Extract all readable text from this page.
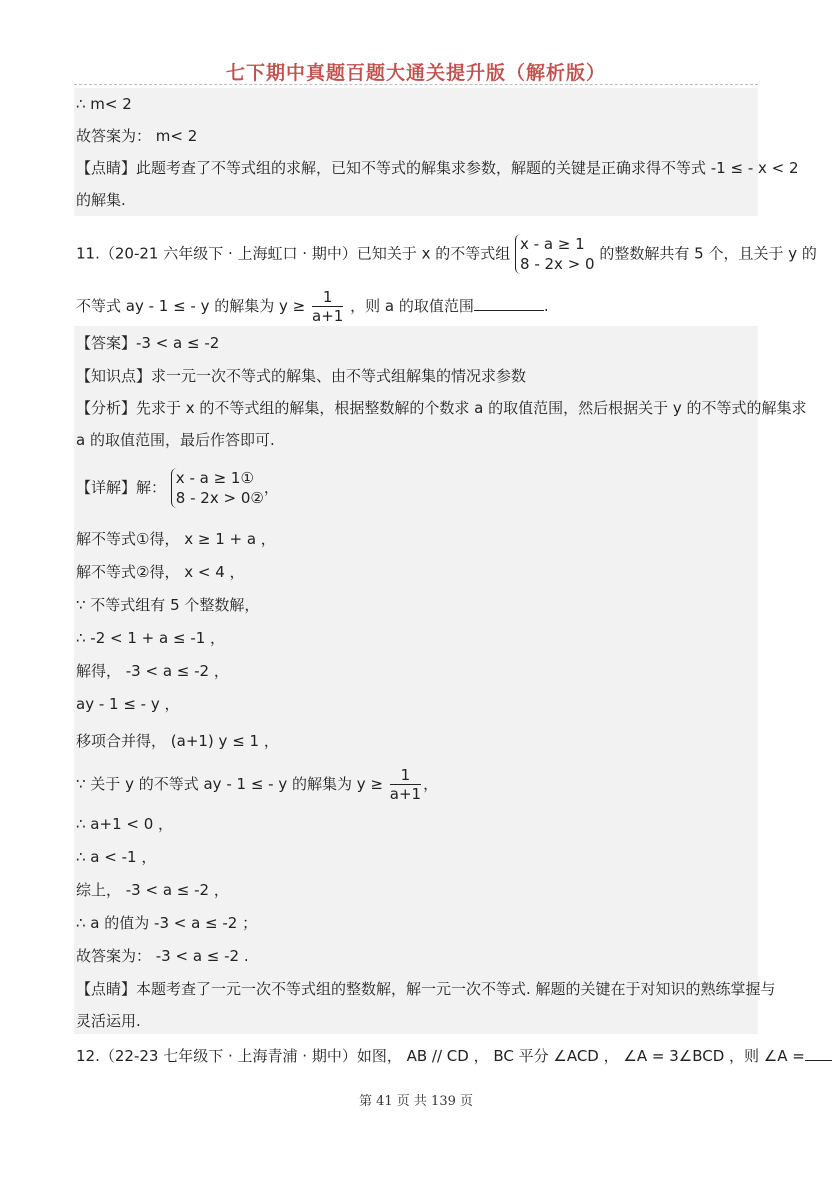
七下期中真题百题大通关提升版（解析版）
∴ m< 2
故答案为： m< 2
【点睛】此题考查了不等式组的求解，已知不等式的解集求参数，解题的关键是正确求得不等式 -1 ≤ - x < 2
的解集.
11.（20-21 六年级下 · 上海虹口 · 期中）已知关于 x 的不等式组
x - a ≥ 1
8 - 2x > 0
的整数解共有 5 个，且关于 y 的
不等式 ay - 1 ≤ - y 的解集为 $y \ge \frac{1}{a+1}$ ，则 a 的取值范围	.
【答案】-3 < a ≤ -2
【知识点】求一元一次不等式的解集、由不等式组解集的情况求参数
【分析】先求于 x 的不等式组的解集，根据整数解的个数求 a 的取值范围，然后根据关于 y 的不等式的解集求
a 的取值范围，最后作答即可.
【详解】解：
x - a ≥ 1①
8 - 2x > 0②
，
解不等式①得， x ≥ 1 + a ，
解不等式②得， x < 4 ，
∵ 不等式组有 5 个整数解，
∴ -2 < 1 + a ≤ -1 ，
解得， -3 < a ≤ -2 ，
ay - 1 ≤ - y ，
移项合并得， (a+1) y ≤ 1 ，
∵ 关于 y 的不等式 ay - 1 ≤ - y 的解集为 $y \ge \frac{1}{a+1}$ ，
∴ a+1 < 0 ，
∴ a < -1 ，
综上， -3 < a ≤ -2 ，
∴ a 的值为 -3 < a ≤ -2 ；
故答案为： -3 < a ≤ -2 .
【点睛】本题考查了一元一次不等式组的整数解，解一元一次不等式. 解题的关键在于对知识的熟练掌握与
灵活运用.
12.（22-23 七年级下 · 上海青浦 · 期中）如图， AB // CD ， BC 平分 ∠ACD ， ∠A = 3∠BCD ，则 ∠A =
第 41 页 共 139 页
